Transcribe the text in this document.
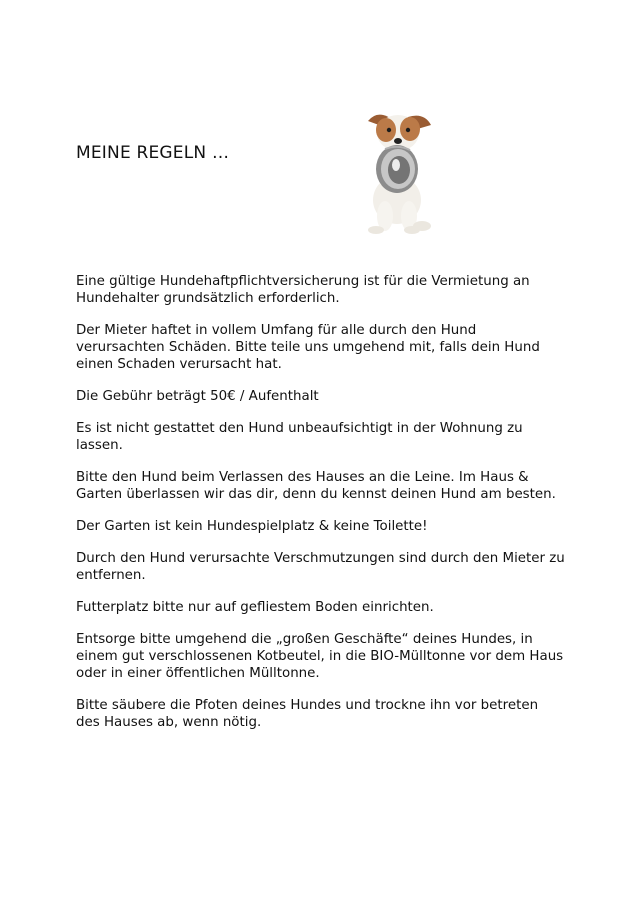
MEINE REGELN …

Eine gültige Hundehaftpflichtversicherung ist für die Vermietung an Hundehalter grundsätzlich erforderlich.

Der Mieter haftet in vollem Umfang für alle durch den Hund verursachten Schäden. Bitte teile uns umgehend mit, falls dein Hund einen Schaden verursacht hat.

Die Gebühr beträgt 50€ / Aufenthalt

Es ist nicht gestattet den Hund unbeaufsichtigt in der Wohnung zu lassen.

Bitte den Hund beim Verlassen des Hauses an die Leine. Im Haus & Garten überlassen wir das dir, denn du kennst deinen Hund am besten.

Der Garten ist kein Hundespielplatz & keine Toilette!

Durch den Hund verursachte Verschmutzungen sind durch den Mieter zu entfernen.

Futterplatz bitte nur auf gefliestem Boden einrichten.

Entsorge bitte umgehend die „großen Geschäfte“ deines Hundes, in einem gut verschlossenen Kotbeutel, in die BIO-Mülltonne vor dem Haus oder in einer öffentlichen Mülltonne.

Bitte säubere die Pfoten deines Hundes und trockne ihn vor betreten des Hauses ab, wenn nötig.
